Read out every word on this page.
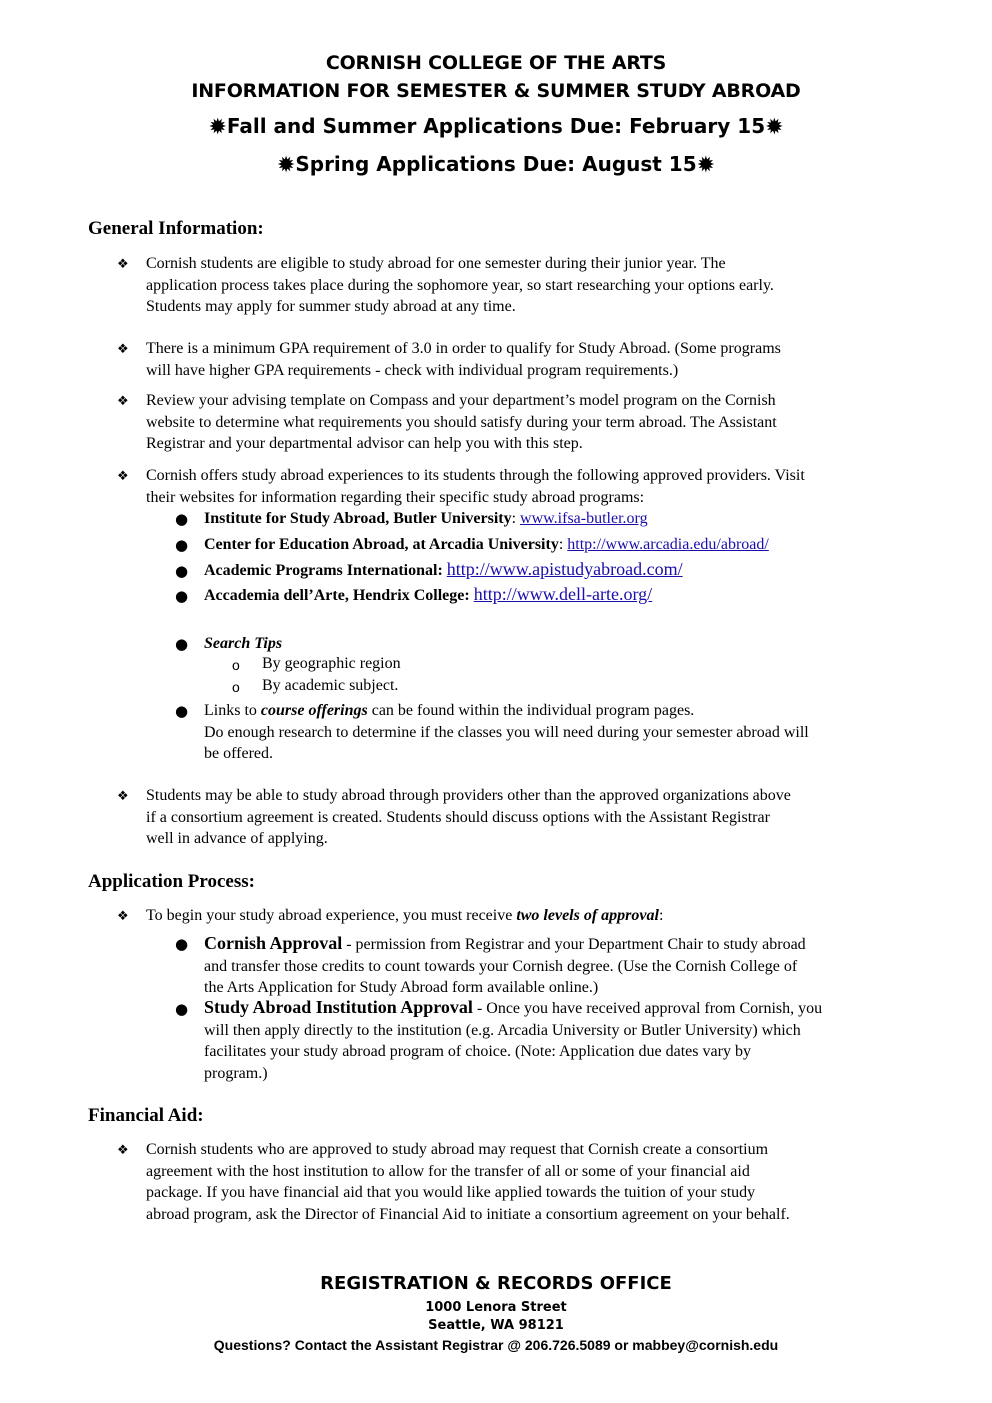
CORNISH COLLEGE OF THE ARTS
INFORMATION FOR SEMESTER & SUMMER STUDY ABROAD
✹Fall and Summer Applications Due: February 15✹
✹Spring Applications Due: August 15✹
General Information:
❖ Cornish students are eligible to study abroad for one semester during their junior year. The
application process takes place during the sophomore year, so start researching your options early.
Students may apply for summer study abroad at any time.
❖ There is a minimum GPA requirement of 3.0 in order to qualify for Study Abroad. (Some programs
will have higher GPA requirements - check with individual program requirements.)
❖ Review your advising template on Compass and your department’s model program on the Cornish
website to determine what requirements you should satisfy during your term abroad. The Assistant
Registrar and your departmental advisor can help you with this step.
❖ Cornish offers study abroad experiences to its students through the following approved providers. Visit
their websites for information regarding their specific study abroad programs:
● Institute for Study Abroad, Butler University: www.ifsa-butler.org
● Center for Education Abroad, at Arcadia University: http://www.arcadia.edu/abroad/
● Academic Programs International: http://www.apistudyabroad.com/
● Accademia dell’Arte, Hendrix College: http://www.dell-arte.org/
● Search Tips
o By geographic region
o By academic subject.
● Links to course offerings can be found within the individual program pages.
Do enough research to determine if the classes you will need during your semester abroad will
be offered.
❖ Students may be able to study abroad through providers other than the approved organizations above
if a consortium agreement is created. Students should discuss options with the Assistant Registrar
well in advance of applying.
Application Process:
❖ To begin your study abroad experience, you must receive two levels of approval:
● Cornish Approval - permission from Registrar and your Department Chair to study abroad
and transfer those credits to count towards your Cornish degree. (Use the Cornish College of
the Arts Application for Study Abroad form available online.)
● Study Abroad Institution Approval - Once you have received approval from Cornish, you
will then apply directly to the institution (e.g. Arcadia University or Butler University) which
facilitates your study abroad program of choice. (Note: Application due dates vary by
program.)
Financial Aid:
❖ Cornish students who are approved to study abroad may request that Cornish create a consortium
agreement with the host institution to allow for the transfer of all or some of your financial aid
package. If you have financial aid that you would like applied towards the tuition of your study
abroad program, ask the Director of Financial Aid to initiate a consortium agreement on your behalf.
REGISTRATION & RECORDS OFFICE
1000 Lenora Street
Seattle, WA 98121
Questions? Contact the Assistant Registrar @ 206.726.5089 or mabbey@cornish.edu
